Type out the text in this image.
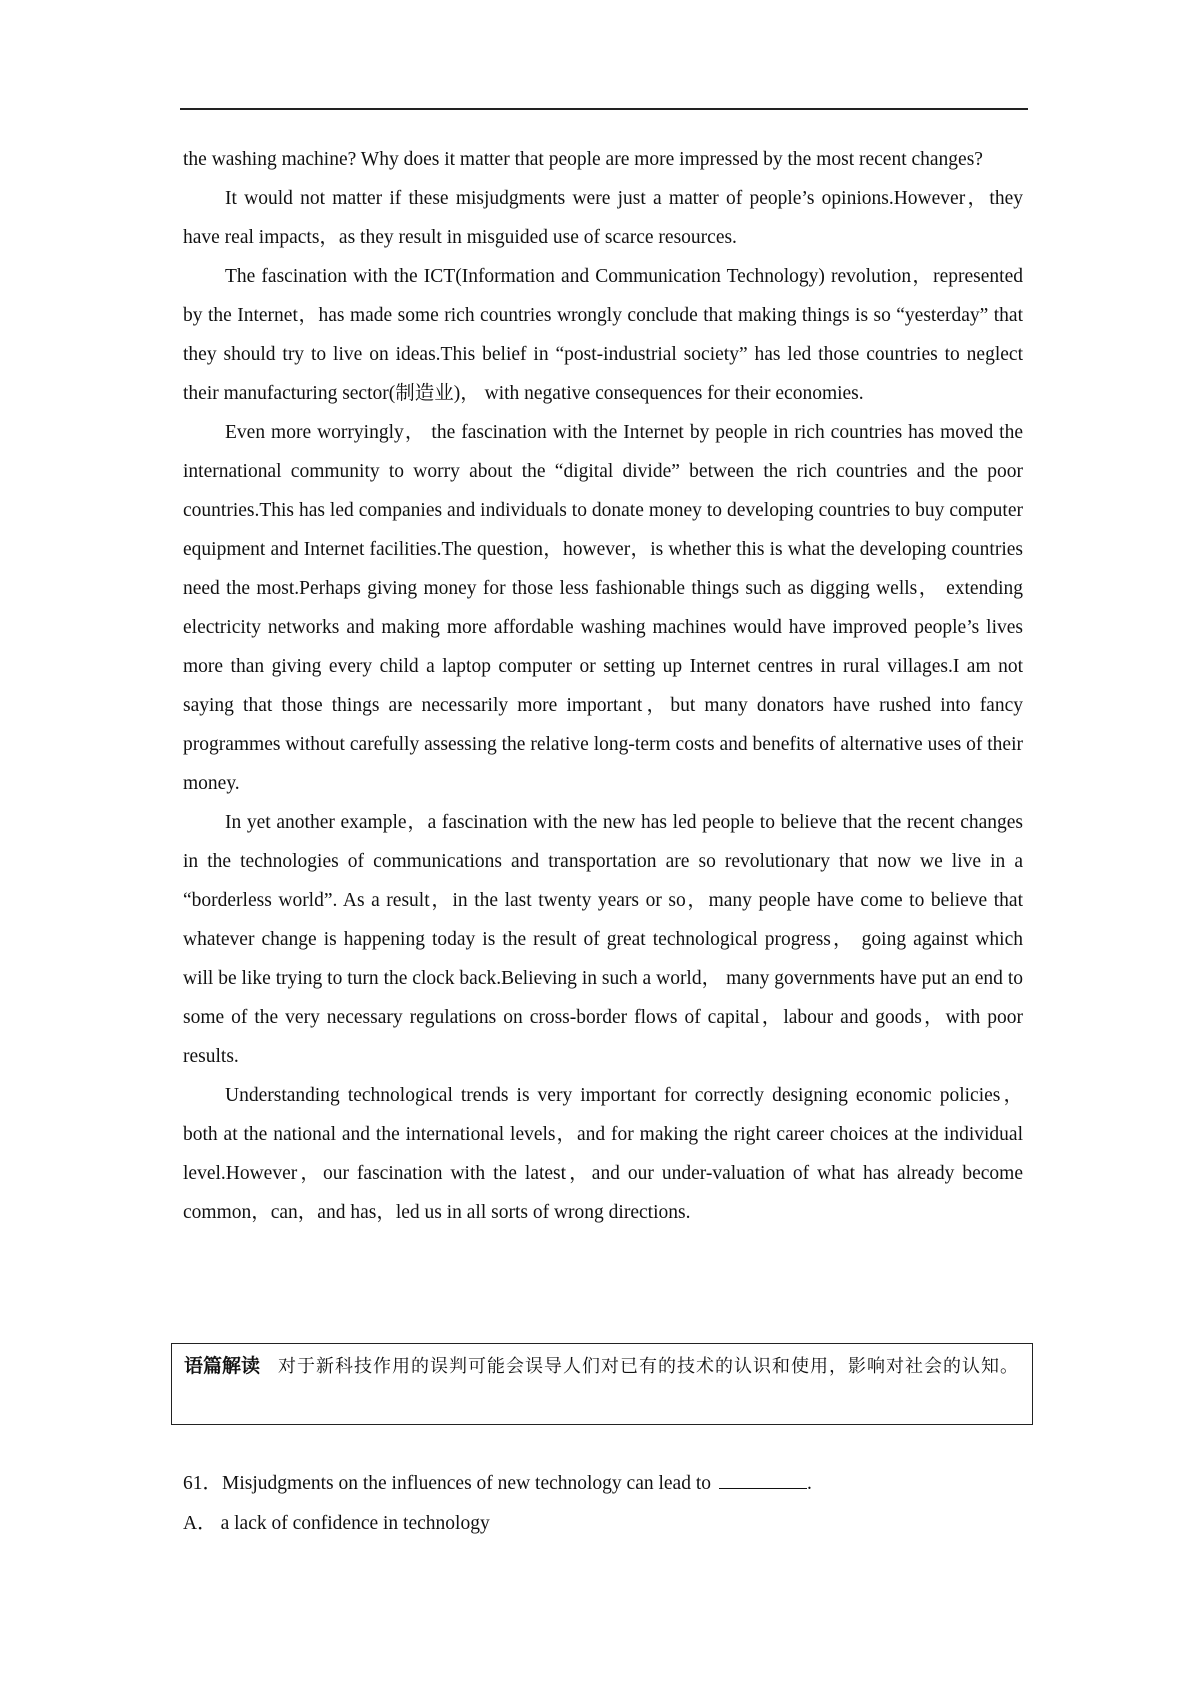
the washing machine? Why does it matter that people are more impressed by the most recent changes?

It would not matter if these misjudgments were just a matter of people’s opinions.However，they have real impacts，as they result in misguided use of scarce resources.

The fascination with the ICT(Information and Communication Technology) revolution，represented by the Internet，has made some rich countries wrongly conclude that making things is so “yesterday” that they should try to live on ideas.This belief in “post-industrial society” has led those countries to neglect their manufacturing sector(制造业)， with negative consequences for their economies.

Even more worryingly， the fascination with the Internet by people in rich countries has moved the international community to worry about the “digital divide” between the rich countries and the poor countries.This has led companies and individuals to donate money to developing countries to buy computer equipment and Internet facilities.The question，however，is whether this is what the developing countries need the most.Perhaps giving money for those less fashionable things such as digging wells， extending electricity networks and making more affordable washing machines would have improved people’s lives more than giving every child a laptop computer or setting up Internet centres in rural villages.I am not saying that those things are necessarily more important，but many donators have rushed into fancy programmes without carefully assessing the relative long-term costs and benefits of alternative uses of their money.

In yet another example，a fascination with the new has led people to believe that the recent changes in the technologies of communications and transportation are so revolutionary that now we live in a “borderless world”. As a result，in the last twenty years or so，many people have come to believe that whatever change is happening today is the result of great technological progress， going against which will be like trying to turn the clock back.Believing in such a world， many governments have put an end to some of the very necessary regulations on cross-border flows of capital，labour and goods，with poor results.

Understanding technological trends is very important for correctly designing economic policies，both at the national and the international levels，and for making the right career choices at the individual level.However，our fascination with the latest，and our under-valuation of what has already become common，can，and has，led us in all sorts of wrong directions.

语篇解读 对于新科技作用的误判可能会误导人们对已有的技术的认识和使用，影响对社会的认知。

61．Misjudgments on the influences of new technology can lead to	.

A． a lack of confidence in technology
